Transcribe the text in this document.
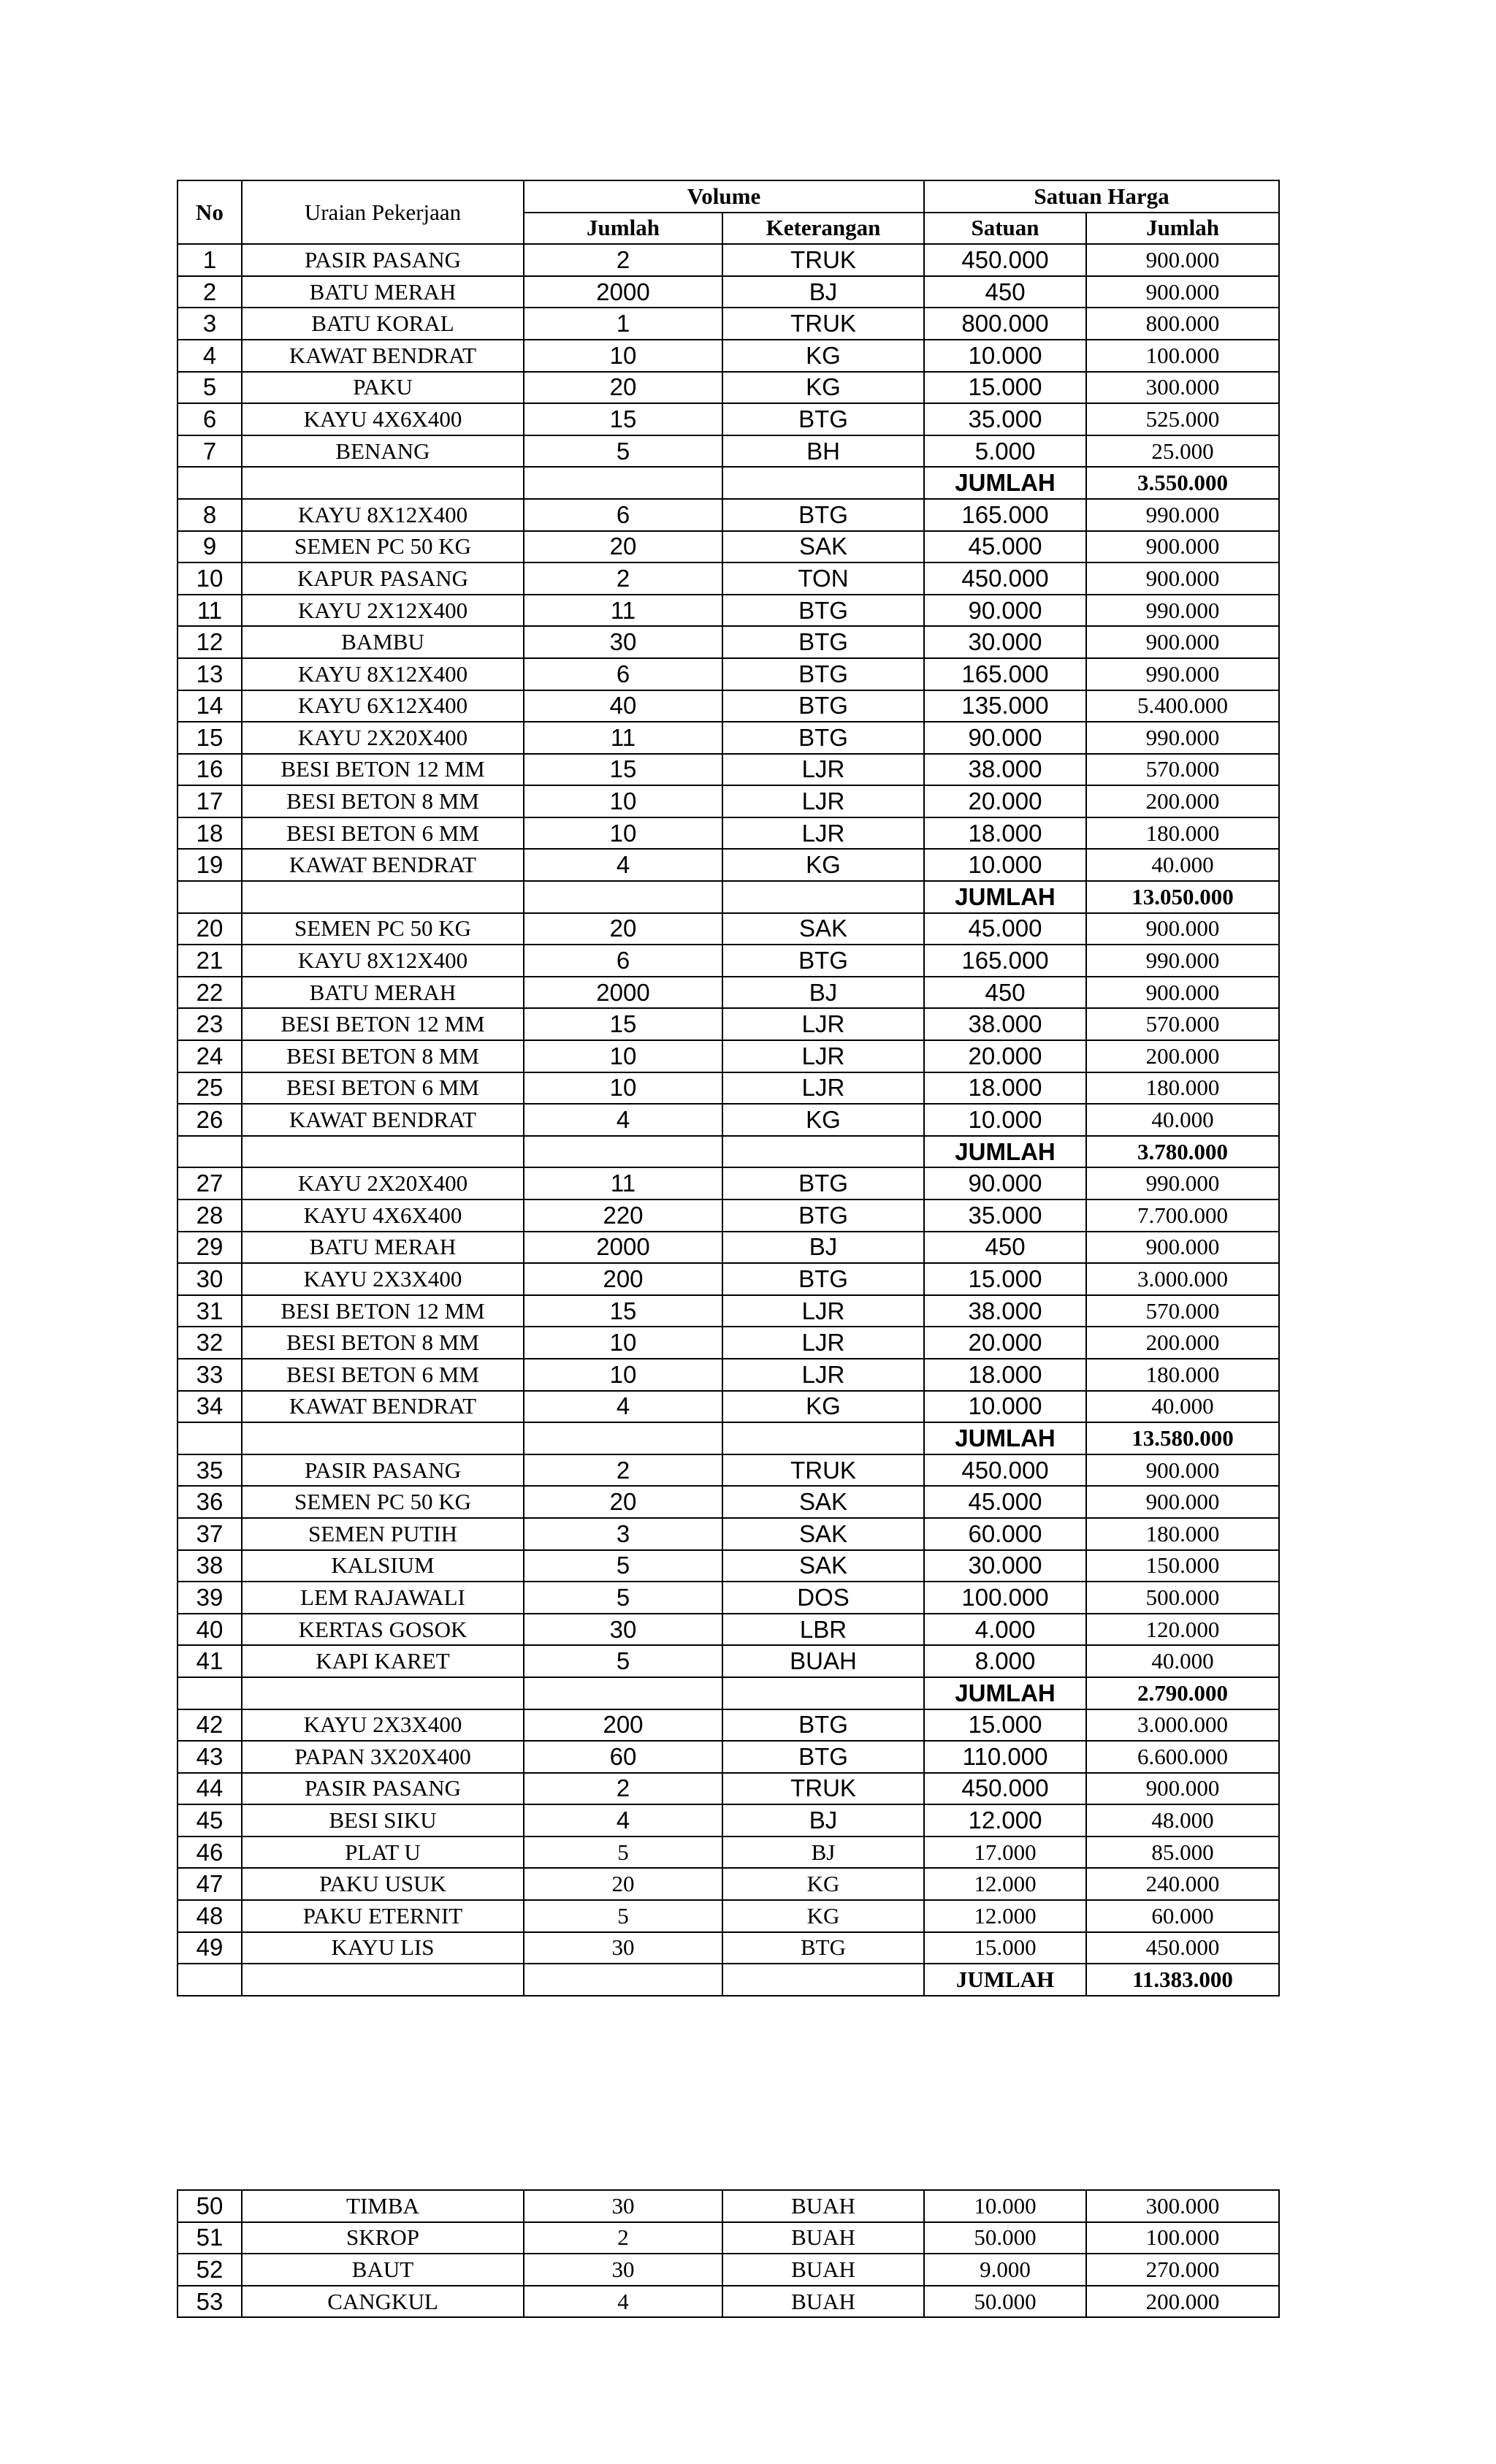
No	Uraian Pekerjaan	Volume		Satuan Harga	
		Jumlah	Keterangan	Satuan	Jumlah
1	PASIR PASANG	2	TRUK	450.000	900.000
2	BATU MERAH	2000	BJ	450	900.000
3	BATU KORAL	1	TRUK	800.000	800.000
4	KAWAT BENDRAT	10	KG	10.000	100.000
5	PAKU	20	KG	15.000	300.000
6	KAYU 4X6X400	15	BTG	35.000	525.000
7	BENANG	5	BH	5.000	25.000
				JUMLAH	3.550.000
8	KAYU 8X12X400	6	BTG	165.000	990.000
9	SEMEN PC 50 KG	20	SAK	45.000	900.000
10	KAPUR PASANG	2	TON	450.000	900.000
11	KAYU 2X12X400	11	BTG	90.000	990.000
12	BAMBU	30	BTG	30.000	900.000
13	KAYU 8X12X400	6	BTG	165.000	990.000
14	KAYU 6X12X400	40	BTG	135.000	5.400.000
15	KAYU 2X20X400	11	BTG	90.000	990.000
16	BESI BETON 12 MM	15	LJR	38.000	570.000
17	BESI BETON 8 MM	10	LJR	20.000	200.000
18	BESI BETON 6 MM	10	LJR	18.000	180.000
19	KAWAT BENDRAT	4	KG	10.000	40.000
				JUMLAH	13.050.000
20	SEMEN PC 50 KG	20	SAK	45.000	900.000
21	KAYU 8X12X400	6	BTG	165.000	990.000
22	BATU MERAH	2000	BJ	450	900.000
23	BESI BETON 12 MM	15	LJR	38.000	570.000
24	BESI BETON 8 MM	10	LJR	20.000	200.000
25	BESI BETON 6 MM	10	LJR	18.000	180.000
26	KAWAT BENDRAT	4	KG	10.000	40.000
				JUMLAH	3.780.000
27	KAYU 2X20X400	11	BTG	90.000	990.000
28	KAYU 4X6X400	220	BTG	35.000	7.700.000
29	BATU MERAH	2000	BJ	450	900.000
30	KAYU 2X3X400	200	BTG	15.000	3.000.000
31	BESI BETON 12 MM	15	LJR	38.000	570.000
32	BESI BETON 8 MM	10	LJR	20.000	200.000
33	BESI BETON 6 MM	10	LJR	18.000	180.000
34	KAWAT BENDRAT	4	KG	10.000	40.000
				JUMLAH	13.580.000
35	PASIR PASANG	2	TRUK	450.000	900.000
36	SEMEN PC 50 KG	20	SAK	45.000	900.000
37	SEMEN PUTIH	3	SAK	60.000	180.000
38	KALSIUM	5	SAK	30.000	150.000
39	LEM RAJAWALI	5	DOS	100.000	500.000
40	KERTAS GOSOK	30	LBR	4.000	120.000
41	KAPI KARET	5	BUAH	8.000	40.000
				JUMLAH	2.790.000
42	KAYU 2X3X400	200	BTG	15.000	3.000.000
43	PAPAN 3X20X400	60	BTG	110.000	6.600.000
44	PASIR PASANG	2	TRUK	450.000	900.000
45	BESI SIKU	4	BJ	12.000	48.000
46	PLAT U	5	BJ	17.000	85.000
47	PAKU USUK	20	KG	12.000	240.000
48	PAKU ETERNIT	5	KG	12.000	60.000
49	KAYU LIS	30	BTG	15.000	450.000
				JUMLAH	11.383.000
50	TIMBA	30	BUAH	10.000	300.000
51	SKROP	2	BUAH	50.000	100.000
52	BAUT	30	BUAH	9.000	270.000
53	CANGKUL	4	BUAH	50.000	200.000
